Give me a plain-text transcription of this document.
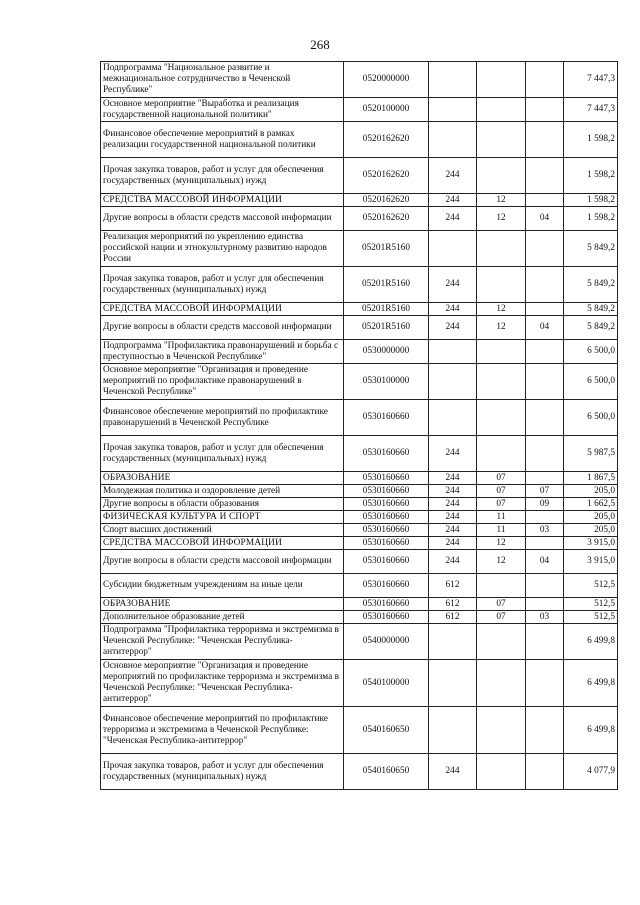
268
Подпрограмма "Национальное развитие и межнациональное сотрудничество в Чеченской Республике"	0520000000				7 447,3
Основное мероприятие "Выработка и реализация государственной национальной политики"	0520100000				7 447,3
Финансовое обеспечение мероприятий в рамках реализации государственной национальной политики	0520162620				1 598,2
Прочая закупка товаров, работ и услуг для обеспечения государственных (муниципальных) нужд	0520162620	244			1 598,2
СРЕДСТВА МАССОВОЙ ИНФОРМАЦИИ	0520162620	244	12		1 598,2
Другие вопросы в области средств массовой информации	0520162620	244	12	04	1 598,2
Реализация мероприятий по укреплению единства российской нации и этнокультурному развитию народов России	05201R5160				5 849,2
Прочая закупка товаров, работ и услуг для обеспечения государственных (муниципальных) нужд	05201R5160	244			5 849,2
СРЕДСТВА МАССОВОЙ ИНФОРМАЦИИ	05201R5160	244	12		5 849,2
Другие вопросы в области средств массовой информации	05201R5160	244	12	04	5 849,2
Подпрограмма "Профилактика правонарушений и борьба с преступностью в Чеченской Республике"	0530000000				6 500,0
Основное мероприятие "Организация и проведение мероприятий по профилактике правонарушений в Чеченской Республике"	0530100000				6 500,0
Финансовое обеспечение мероприятий по профилактике правонарушений в Чеченской Республике	0530160660				6 500,0
Прочая закупка товаров, работ и услуг для обеспечения государственных (муниципальных) нужд	0530160660	244			5 987,5
ОБРАЗОВАНИЕ	0530160660	244	07		1 867,5
Молодежная политика и оздоровление детей	0530160660	244	07	07	205,0
Другие вопросы в области образования	0530160660	244	07	09	1 662,5
ФИЗИЧЕСКАЯ КУЛЬТУРА И СПОРТ	0530160660	244	11		205,0
Спорт высших достижений	0530160660	244	11	03	205,0
СРЕДСТВА МАССОВОЙ ИНФОРМАЦИИ	0530160660	244	12		3 915,0
Другие вопросы в области средств массовой информации	0530160660	244	12	04	3 915,0
Субсидии бюджетным учреждениям на иные цели	0530160660	612			512,5
ОБРАЗОВАНИЕ	0530160660	612	07		512,5
Дополнительное образование детей	0530160660	612	07	03	512,5
Подпрограмма "Профилактика терроризма и экстремизма в Чеченской Республике: "Чеченская Республика-антитеррор"	0540000000				6 499,8
Основное мероприятие "Организация и проведение мероприятий по профилактике терроризма и экстремизма в Чеченской Республике: "Чеченская Республика-антитеррор"	0540100000				6 499,8
Финансовое обеспечение мероприятий по профилактике терроризма и экстремизма в Чеченской Республике: "Чеченская Республика-антитеррор"	0540160650				6 499,8
Прочая закупка товаров, работ и услуг для обеспечения государственных (муниципальных) нужд	0540160650	244			4 077,9
